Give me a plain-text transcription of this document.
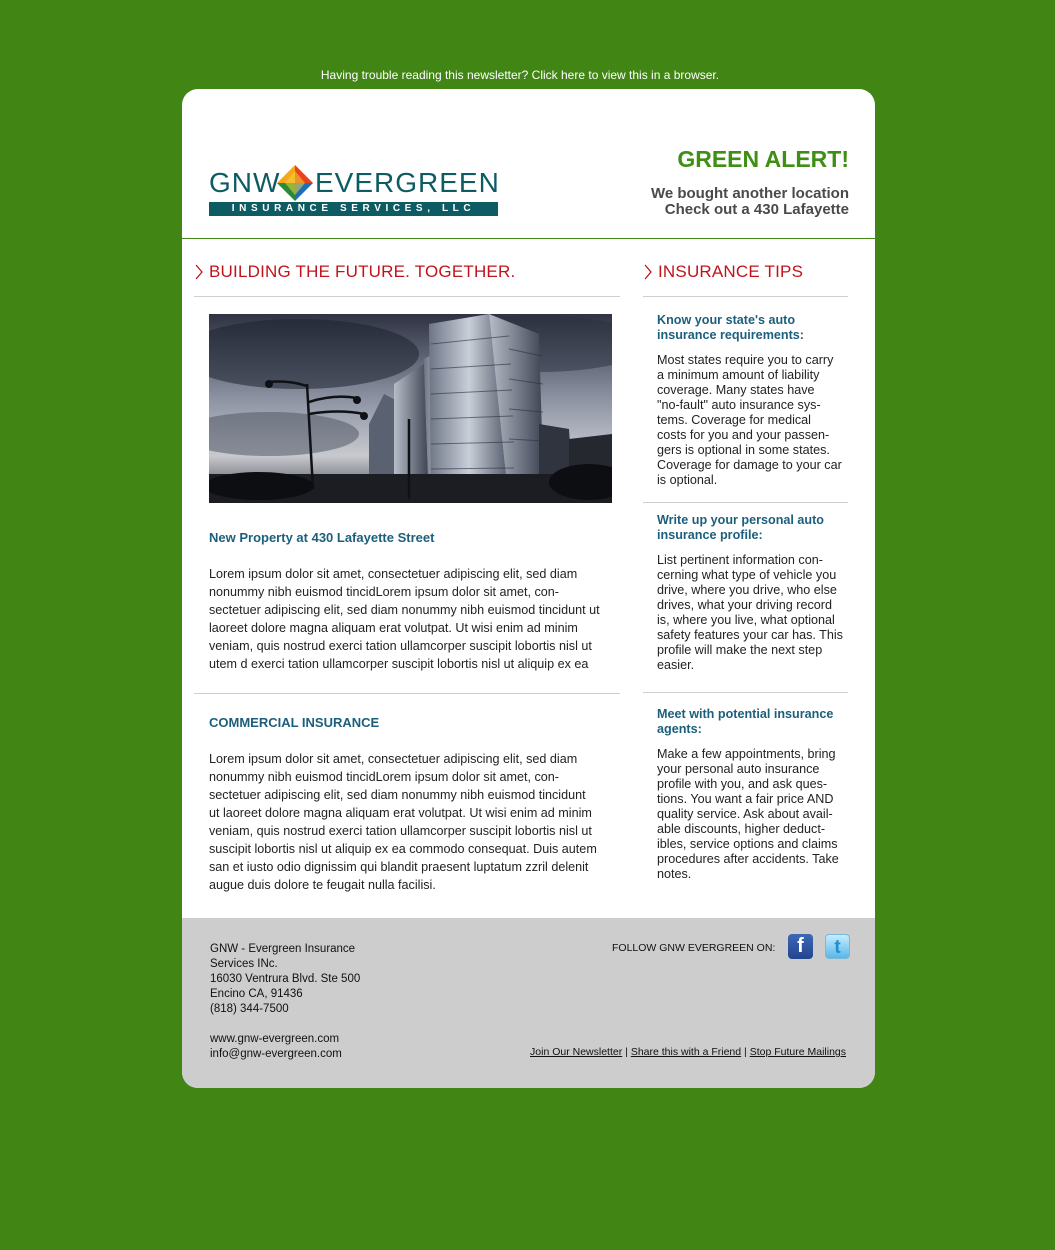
Having trouble reading this newsletter? Click here to view this in a browser.
GNW EVERGREEN
INSURANCE SERVICES, LLC
GREEN ALERT!
We bought another location
Check out a 430 Lafayette
BUILDING THE FUTURE. TOGETHER.
New Property at 430 Lafayette Street
Lorem ipsum dolor sit amet, consectetuer adipiscing elit, sed diam
nonummy nibh euismod tincidLorem ipsum dolor sit amet, con-
sectetuer adipiscing elit, sed diam nonummy nibh euismod tincidunt ut
laoreet dolore magna aliquam erat volutpat. Ut wisi enim ad minim
veniam, quis nostrud exerci tation ullamcorper suscipit lobortis nisl ut
utem d exerci tation ullamcorper suscipit lobortis nisl ut aliquip ex ea
COMMERCIAL INSURANCE
Lorem ipsum dolor sit amet, consectetuer adipiscing elit, sed diam
nonummy nibh euismod tincidLorem ipsum dolor sit amet, con-
sectetuer adipiscing elit, sed diam nonummy nibh euismod tincidunt
ut laoreet dolore magna aliquam erat volutpat. Ut wisi enim ad minim
veniam, quis nostrud exerci tation ullamcorper suscipit lobortis nisl ut
suscipit lobortis nisl ut aliquip ex ea commodo consequat. Duis autem
san et iusto odio dignissim qui blandit praesent luptatum zzril delenit
augue duis dolore te feugait nulla facilisi.
INSURANCE TIPS
Know your state's auto
insurance requirements:
Most states require you to carry
a minimum amount of liability
coverage. Many states have
"no-fault" auto insurance sys-
tems. Coverage for medical
costs for you and your passen-
gers is optional in some states.
Coverage for damage to your car
is optional.
Write up your personal auto
insurance profile:
List pertinent information con-
cerning what type of vehicle you
drive, where you drive, who else
drives, what your driving record
is, where you live, what optional
safety features your car has. This
profile will make the next step
easier.
Meet with potential insurance
agents:
Make a few appointments, bring
your personal auto insurance
profile with you, and ask ques-
tions. You want a fair price AND
quality service. Ask about avail-
able discounts, higher deduct-
ibles, service options and claims
procedures after accidents. Take
notes.
GNW - Evergreen Insurance
Services INc.
16030 Ventrura Blvd. Ste 500
Encino CA, 91436
(818) 344-7500
www.gnw-evergreen.com
info@gnw-evergreen.com
FOLLOW GNW EVERGREEN ON:	f	t
Join Our Newsletter | Share this with a Friend | Stop Future Mailings
